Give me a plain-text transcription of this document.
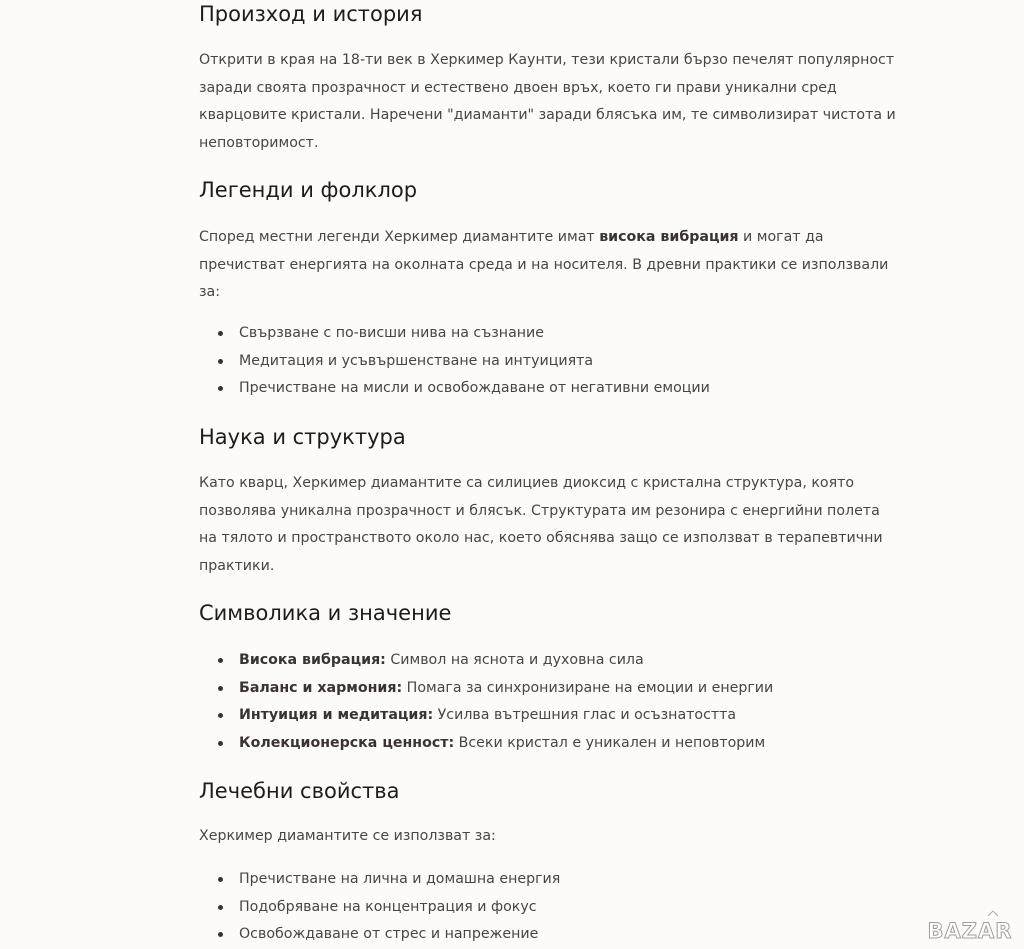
Произход и история

Открити в края на 18-ти век в Херкимер Каунти, тези кристали бързо печелят популярност заради своята прозрачност и естествено двоен връх, което ги прави уникални сред кварцовите кристали. Наречени "диаманти" заради блясъка им, те символизират чистота и неповторимост.

Легенди и фолклор

Според местни легенди Херкимер диамантите имат висока вибрация и могат да пречистват енергията на околната среда и на носителя. В древни практики се използвали за:

Свързване с по-висши нива на съзнание
Медитация и усъвършенстване на интуицията
Пречистване на мисли и освобождаване от негативни емоции
Наука и структура

Като кварц, Херкимер диамантите са силициев диоксид с кристална структура, която позволява уникална прозрачност и блясък. Структурата им резонира с енергийни полета на тялото и пространството около нас, което обяснява защо се използват в терапевтични практики.

Символика и значение
Висока вибрация: Символ на яснота и духовна сила
Баланс и хармония: Помага за синхронизиране на емоции и енергии
Интуиция и медитация: Усилва вътрешния глас и осъзнатостта
Колекционерска ценност: Всеки кристал е уникален и неповторим
Лечебни свойства

Херкимер диамантите се използват за:

Пречистване на лична и домашна енергия
Подобряване на концентрация и фокус
Освобождаване от стрес и напрежение	BAZAR
